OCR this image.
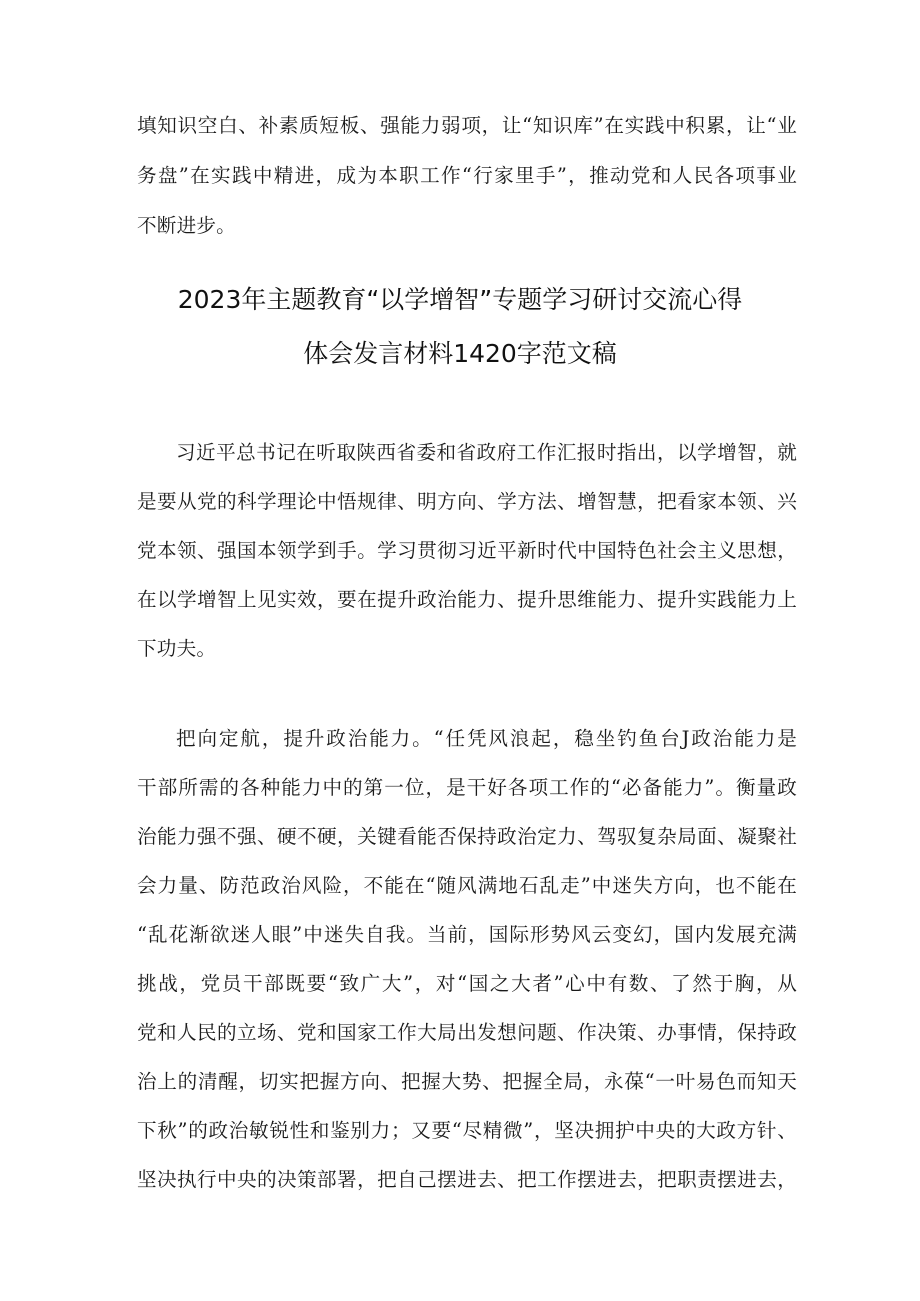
填知识空白、补素质短板、强能力弱项，让“知识库”在实践中积累，让“业
务盘”在实践中精进，成为本职工作“行家里手”，推动党和人民各项事业
不断进步。
2023年主题教育“以学增智”专题学习研讨交流心得
体会发言材料1420字范文稿
习近平总书记在听取陕西省委和省政府工作汇报时指出，以学增智，就
是要从党的科学理论中悟规律、明方向、学方法、增智慧，把看家本领、兴
党本领、强国本领学到手。学习贯彻习近平新时代中国特色社会主义思想，
在以学增智上见实效，要在提升政治能力、提升思维能力、提升实践能力上
下功夫。
把向定航，提升政治能力。“任凭风浪起，稳坐钓鱼台J政治能力是
干部所需的各种能力中的第一位，是干好各项工作的“必备能力”。衡量政
治能力强不强、硬不硬，关键看能否保持政治定力、驾驭复杂局面、凝聚社
会力量、防范政治风险，不能在“随风满地石乱走”中迷失方向，也不能在
“乱花渐欲迷人眼”中迷失自我。当前，国际形势风云变幻，国内发展充满
挑战，党员干部既要“致广大”，对“国之大者”心中有数、了然于胸，从
党和人民的立场、党和国家工作大局出发想问题、作决策、办事情，保持政
治上的清醒，切实把握方向、把握大势、把握全局，永葆“一叶易色而知天
下秋”的政治敏锐性和鉴别力；又要“尽精微”，坚决拥护中央的大政方针、
坚决执行中央的决策部署，把自己摆进去、把工作摆进去，把职责摆进去，
